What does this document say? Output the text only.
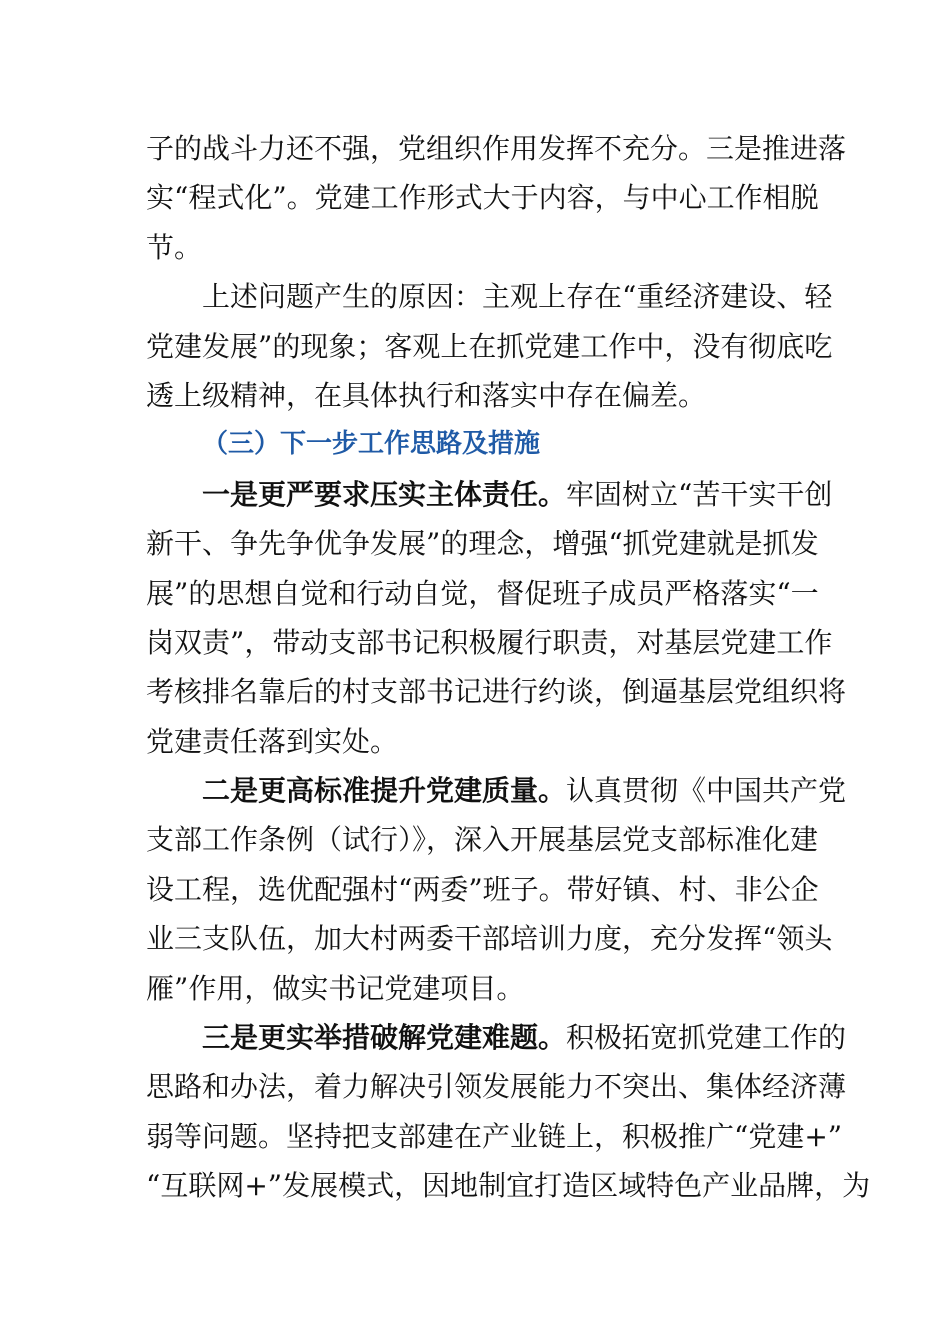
子的战斗力还不强，党组织作用发挥不充分。三是推进落
实“程式化”。党建工作形式大于内容，与中心工作相脱
节。
上述问题产生的原因：主观上存在“重经济建设、轻
党建发展”的现象；客观上在抓党建工作中，没有彻底吃
透上级精神，在具体执行和落实中存在偏差。
（三）下一步工作思路及措施
一是更严要求压实主体责任。牢固树立“苦干实干创
新干、争先争优争发展”的理念，增强“抓党建就是抓发
展”的思想自觉和行动自觉，督促班子成员严格落实“一
岗双责”，带动支部书记积极履行职责，对基层党建工作
考核排名靠后的村支部书记进行约谈，倒逼基层党组织将
党建责任落到实处。
二是更高标准提升党建质量。认真贯彻《中国共产党
支部工作条例（试行）》，深入开展基层党支部标准化建
设工程，选优配强村“两委”班子。带好镇、村、非公企
业三支队伍，加大村两委干部培训力度，充分发挥“领头
雁”作用，做实书记党建项目。
三是更实举措破解党建难题。积极拓宽抓党建工作的
思路和办法，着力解决引领发展能力不突出、集体经济薄
弱等问题。坚持把支部建在产业链上，积极推广“党建+”
“互联网+”发展模式，因地制宜打造区域特色产业品牌，为
